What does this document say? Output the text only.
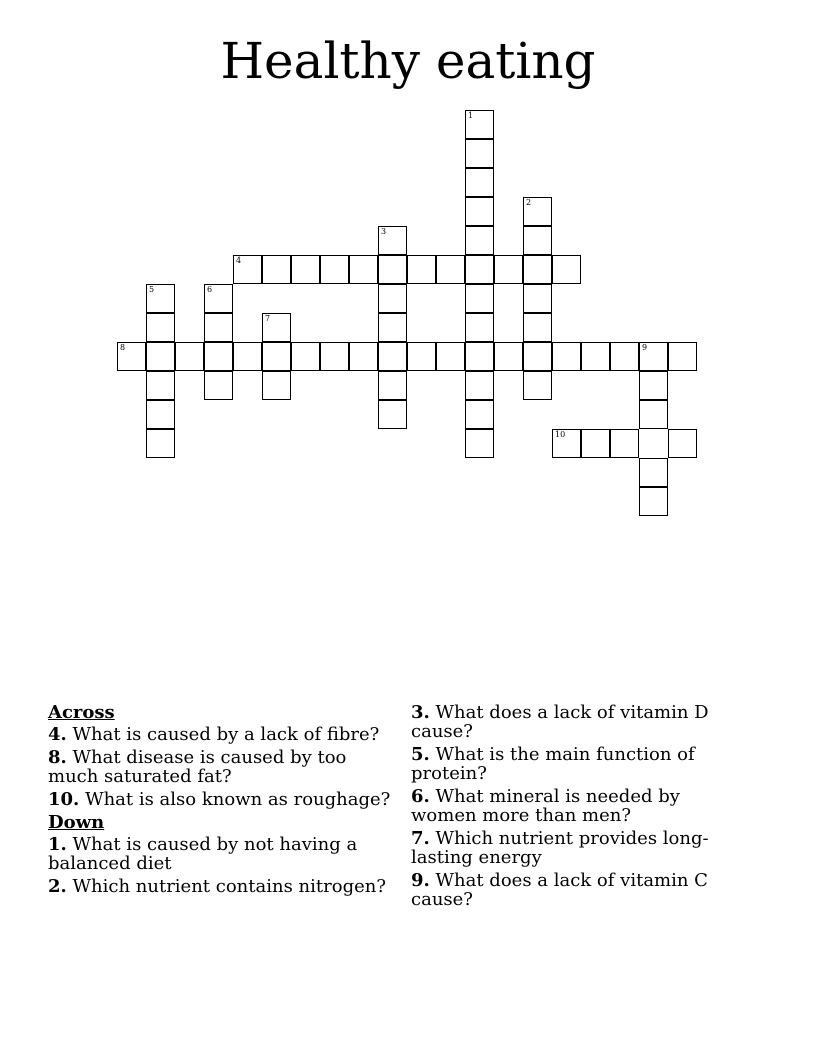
Healthy eating
1
2
3
4
5	6
7
8	9
10
Across
4. What is caused by a lack of fibre?
8. What disease is caused by too much saturated fat?
10. What is also known as roughage?
Down
1. What is caused by not having a balanced diet
2. Which nutrient contains nitrogen?
3. What does a lack of vitamin D cause?
5. What is the main function of protein?
6. What mineral is needed by women more than men?
7. Which nutrient provides long-lasting energy
9. What does a lack of vitamin C cause?
